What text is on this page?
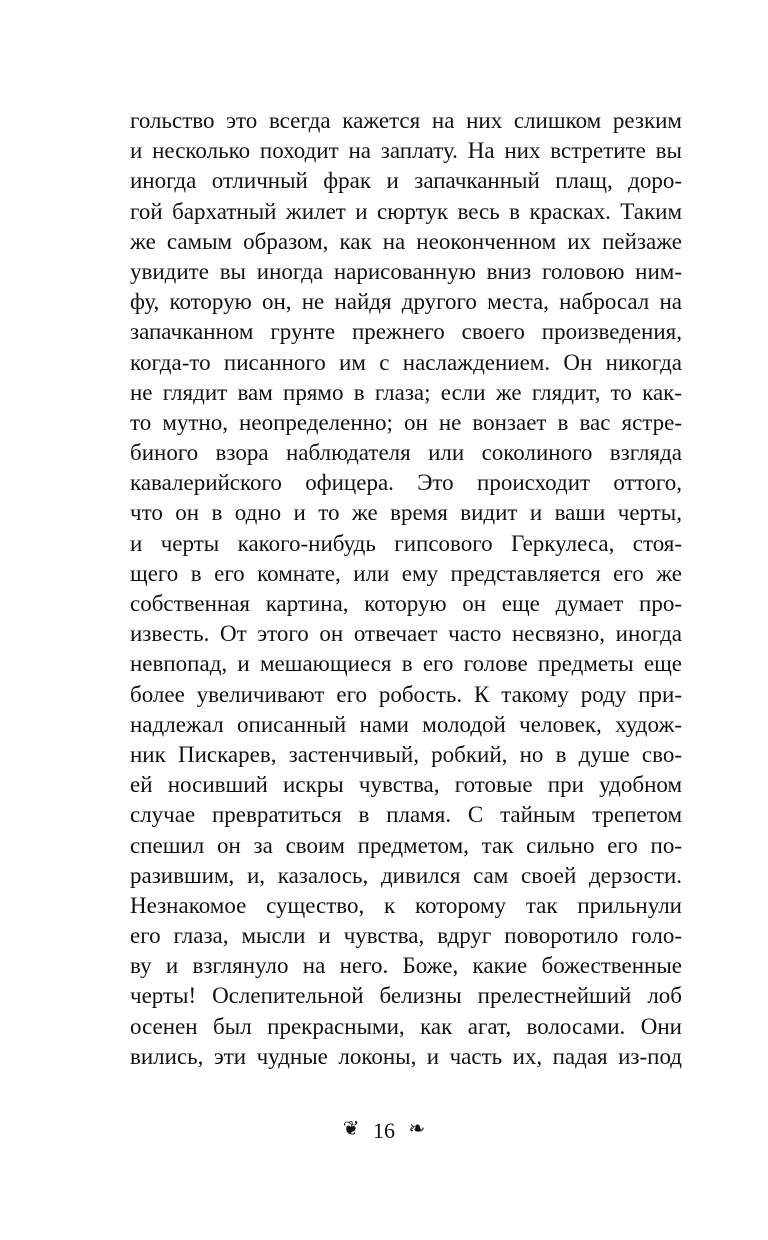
гольство это всегда кажется на них слишком резким
и несколько походит на заплату. На них встретите вы
иногда отличный фрак и запачканный плащ, доро-
гой бархатный жилет и сюртук весь в красках. Таким
же самым образом, как на неоконченном их пейзаже
увидите вы иногда нарисованную вниз головою ним-
фу, которую он, не найдя другого места, набросал на
запачканном грунте прежнего своего произведения,
когда-то писанного им с наслаждением. Он никогда
не глядит вам прямо в глаза; если же глядит, то как-
то мутно, неопределенно; он не вонзает в вас ястре-
биного взора наблюдателя или соколиного взгляда
кавалерийского офицера. Это происходит оттого,
что он в одно и то же время видит и ваши черты,
и черты какого-нибудь гипсового Геркулеса, стоя-
щего в его комнате, или ему представляется его же
собственная картина, которую он еще думает про-
известь. От этого он отвечает часто несвязно, иногда
невпопад, и мешающиеся в его голове предметы еще
более увеличивают его робость. К такому роду при-
надлежал описанный нами молодой человек, худож-
ник Пискарев, застенчивый, робкий, но в душе сво-
ей носивший искры чувства, готовые при удобном
случае превратиться в пламя. С тайным трепетом
спешил он за своим предметом, так сильно его по-
разившим, и, казалось, дивился сам своей дерзости.
Незнакомое существо, к которому так прильнули
его глаза, мысли и чувства, вдруг поворотило голо-
ву и взглянуло на него. Боже, какие божественные
черты! Ослепительной белизны прелестнейший лоб
осенен был прекрасными, как агат, волосами. Они
вились, эти чудные локоны, и часть их, падая из-под
❦ 16 ❧
